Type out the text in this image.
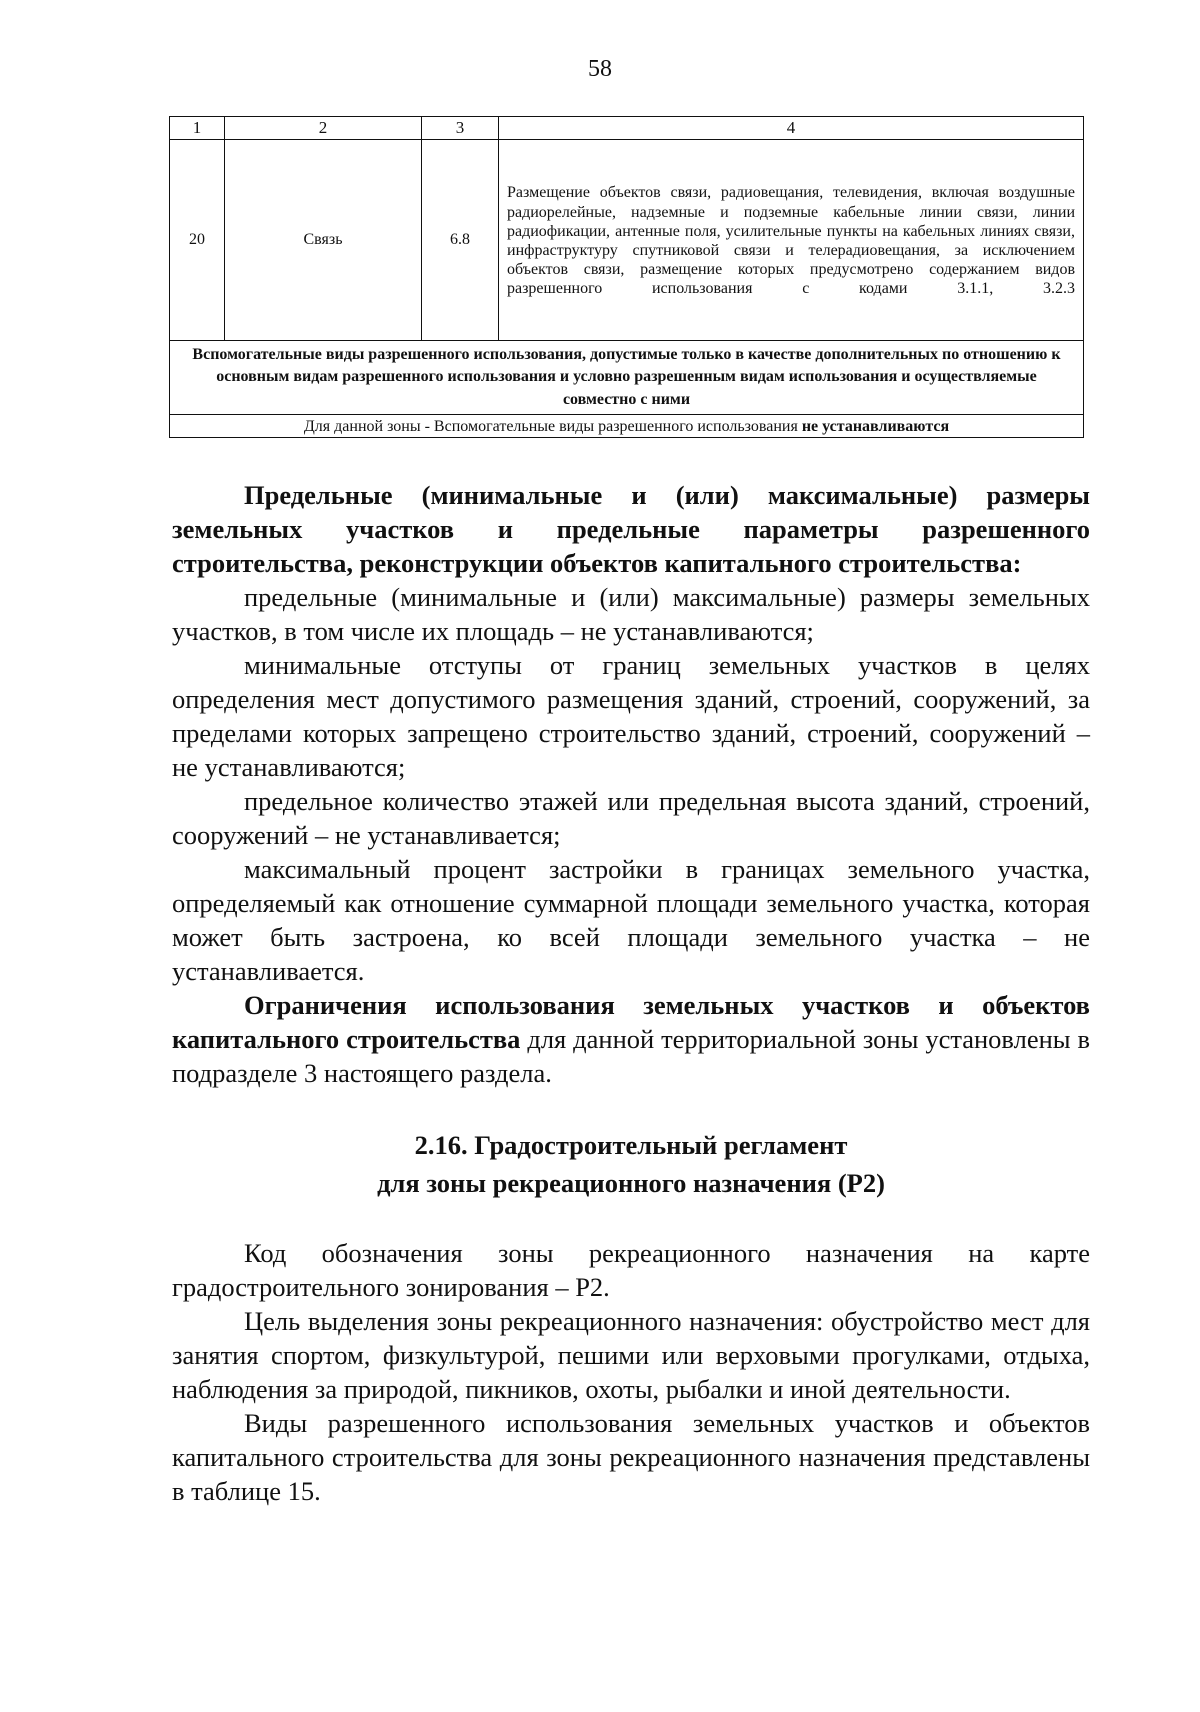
58
1	2	3	4
20	Связь	6.8	Размещение объектов связи, радиовещания, телевидения, включая воздушные радиорелейные, надземные и подземные кабельные линии связи, линии радиофикации, антенные поля, усилительные пункты на кабельных линиях связи, инфраструктуру спутниковой связи и телерадиовещания, за исключением объектов связи, размещение которых предусмотрено содержанием видов разрешенного использования с кодами 3.1.1, 3.2.3
Вспомогательные виды разрешенного использования, допустимые только в качестве дополнительных по отношению к основным видам разрешенного использования и условно разрешенным видам использования и осуществляемые совместно с ними			
Для данной зоны - Вспомогательные виды разрешенного использования не устанавливаются			

Предельные (минимальные и (или) максимальные) размеры земельных участков и предельные параметры разрешенного строительства, реконструкции объектов капитального строительства:

предельные (минимальные и (или) максимальные) размеры земельных участков, в том числе их площадь – не устанавливаются;

минимальные отступы от границ земельных участков в целях определения мест допустимого размещения зданий, строений, сооружений, за пределами которых запрещено строительство зданий, строений, сооружений – не устанавливаются;

предельное количество этажей или предельная высота зданий, строений, сооружений – не устанавливается;

максимальный процент застройки в границах земельного участка, определяемый как отношение суммарной площади земельного участка, которая может быть застроена, ко всей площади земельного участка – не устанавливается.

Ограничения использования земельных участков и объектов капитального строительства для данной территориальной зоны установлены в подразделе 3 настоящего раздела.

2.16. Градостроительный регламент
для зоны рекреационного назначения (Р2)

Код обозначения зоны рекреационного назначения на карте градостроительного зонирования – Р2.

Цель выделения зоны рекреационного назначения: обустройство мест для занятия спортом, физкультурой, пешими или верховыми прогулками, отдыха, наблюдения за природой, пикников, охоты, рыбалки и иной деятельности.

Виды разрешенного использования земельных участков и объектов капитального строительства для зоны рекреационного назначения представлены в таблице 15.
